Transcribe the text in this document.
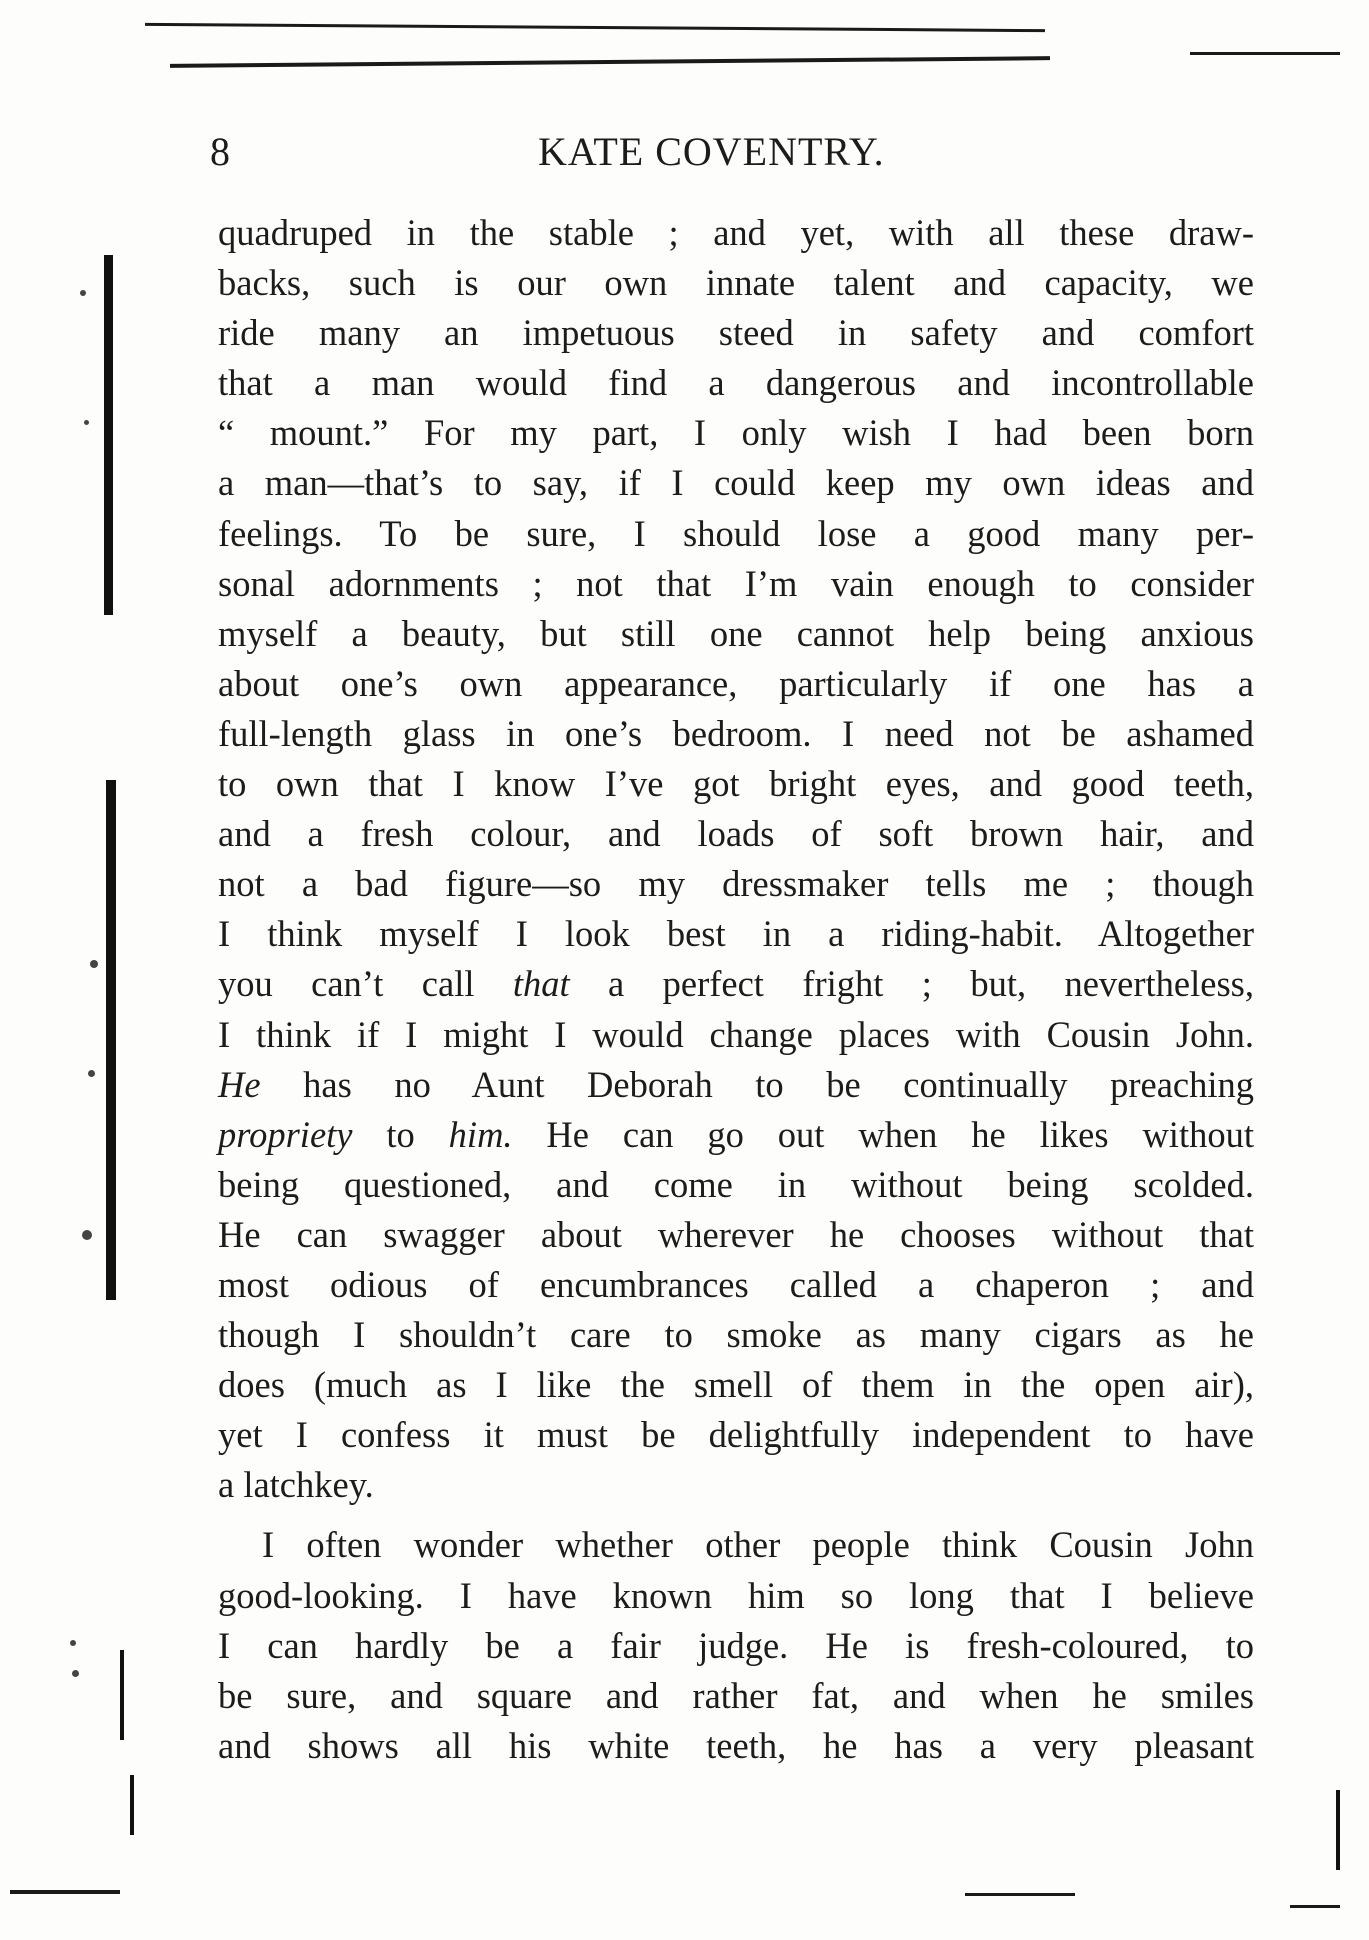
8	KATE COVENTRY.
quadruped in the stable ; and yet, with all these draw-
backs, such is our own innate talent and capacity, we
ride many an impetuous steed in safety and comfort
that a man would find a dangerous and incontrollable
“ mount.” For my part, I only wish I had been born
a man—that’s to say, if I could keep my own ideas and
feelings. To be sure, I should lose a good many per-
sonal adornments ; not that I’m vain enough to consider
myself a beauty, but still one cannot help being anxious
about one’s own appearance, particularly if one has a
full-length glass in one’s bedroom. I need not be ashamed
to own that I know I’ve got bright eyes, and good teeth,
and a fresh colour, and loads of soft brown hair, and
not a bad figure—so my dressmaker tells me ; though
I think myself I look best in a riding-habit. Altogether
you can’t call that a perfect fright ; but, nevertheless,
I think if I might I would change places with Cousin John.
He has no Aunt Deborah to be continually preaching
propriety to him. He can go out when he likes without
being questioned, and come in without being scolded.
He can swagger about wherever he chooses without that
most odious of encumbrances called a chaperon ; and
though I shouldn’t care to smoke as many cigars as he
does (much as I like the smell of them in the open air),
yet I confess it must be delightfully independent to have
a latchkey.
I often wonder whether other people think Cousin John
good-looking. I have known him so long that I believe
I can hardly be a fair judge. He is fresh-coloured, to
be sure, and square and rather fat, and when he smiles
and shows all his white teeth, he has a very pleasant
